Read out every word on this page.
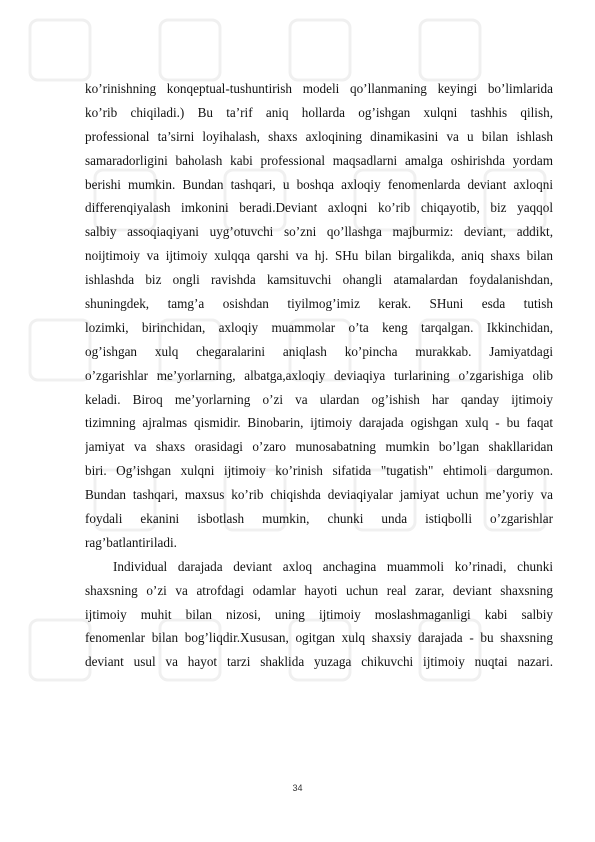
ko’rinishning konqeptual-tushuntirish modeli qo’llanmaning keyingi bo’limlarida
ko’rib chiqiladi.) Bu ta’rif aniq hollarda og’ishgan xulqni tashhis qilish,
professional ta’sirni loyihalash, shaxs axloqining dinamikasini va u bilan ishlash
samaradorligini baholash kabi professional maqsadlarni amalga oshirishda yordam
berishi mumkin. Bundan tashqari, u boshqa axloqiy fenomenlarda deviant axloqni
differenqiyalash imkonini beradi.Deviant axloqni ko’rib chiqayotib, biz yaqqol
salbiy assoqiaqiyani uyg’otuvchi so’zni qo’llashga majburmiz: deviant, addikt,
noijtimoiy va ijtimoiy xulqqa qarshi va hj. SHu bilan birgalikda, aniq shaxs bilan
ishlashda biz ongli ravishda kamsituvchi ohangli atamalardan foydalanishdan,
shuningdek, tamg’a osishdan tiyilmog’imiz kerak. SHuni esda tutish
lozimki, birinchidan, axloqiy muammolar o’ta keng tarqalgan. Ikkinchidan,
og’ishgan xulq chegaralarini aniqlash ko’pincha murakkab. Jamiyatdagi
o’zgarishlar me’yorlarning, albatga,axloqiy deviaqiya turlarining o’zgarishiga olib
keladi. Biroq me’yorlarning o’zi va ulardan og’ishish har qanday ijtimoiy
tizimning ajralmas qismidir. Binobarin, ijtimoiy darajada ogishgan xulq - bu faqat
jamiyat va shaxs orasidagi o’zaro munosabatning mumkin bo’lgan shakllaridan
biri. Og’ishgan xulqni ijtimoiy ko’rinish sifatida "tugatish" ehtimoli dargumon.
Bundan tashqari, maxsus ko’rib chiqishda deviaqiyalar jamiyat uchun me’yoriy va
foydali ekanini isbotlash mumkin, chunki unda istiqbolli o’zgarishlar
rag’batlantiriladi.
Individual darajada deviant axloq anchagina muammoli ko’rinadi, chunki
shaxsning o’zi va atrofdagi odamlar hayoti uchun real zarar, deviant shaxsning
ijtimoiy muhit bilan nizosi, uning ijtimoiy moslashmaganligi kabi salbiy
fenomenlar bilan bog’liqdir.Xususan, ogitgan xulq shaxsiy darajada - bu shaxsning
deviant usul va hayot tarzi shaklida yuzaga chikuvchi ijtimoiy nuqtai nazari.
34
